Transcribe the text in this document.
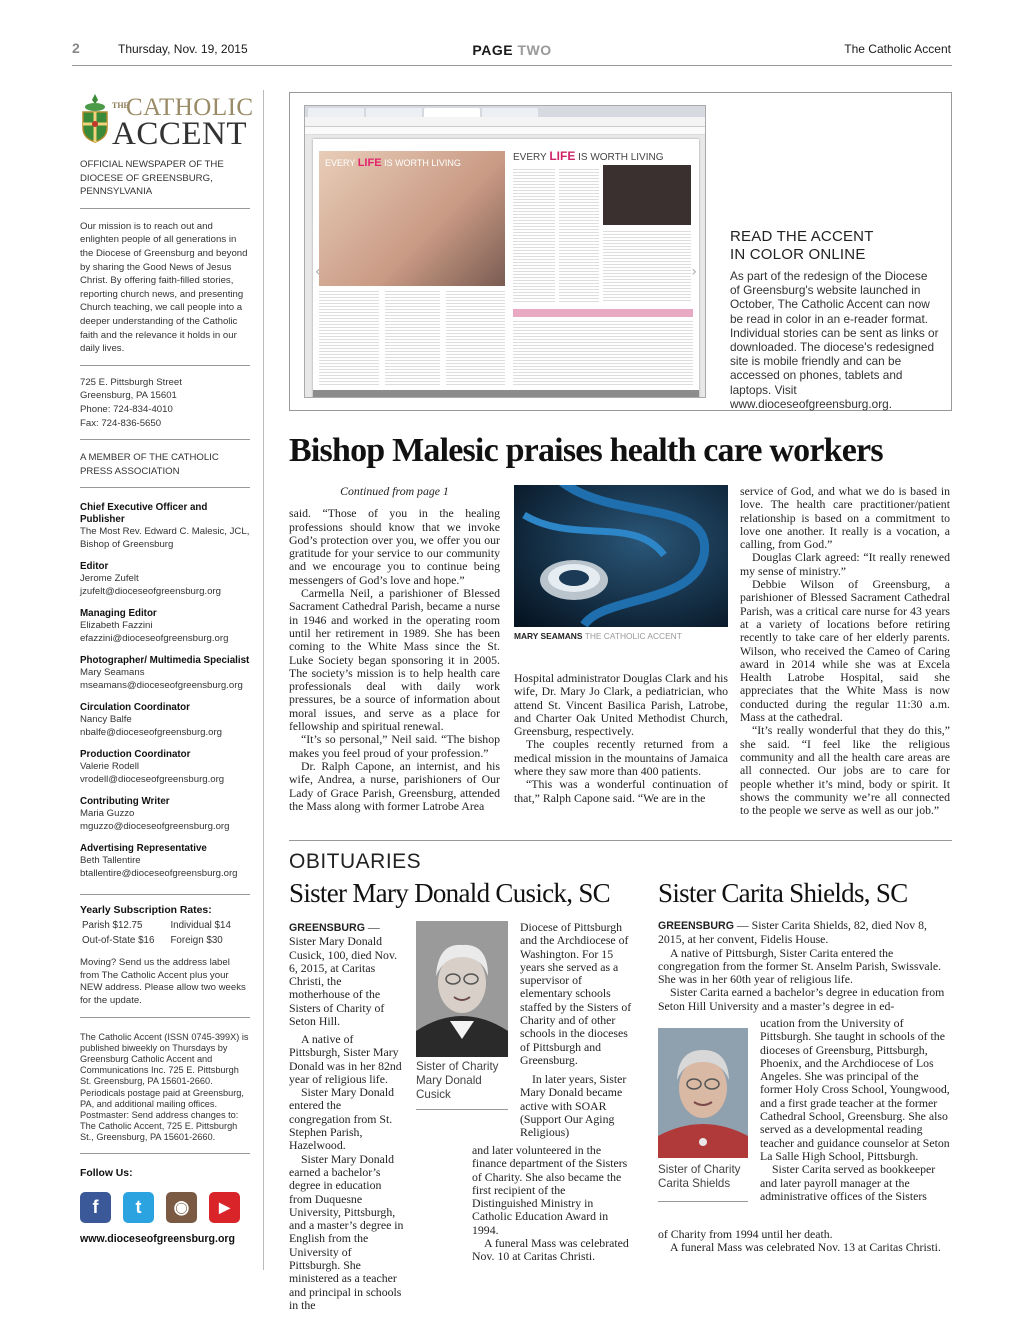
2	Thursday, Nov. 19, 2015	PAGE TWO	The Catholic Accent
THE
CATHOLIC
ACCENT
OFFICIAL NEWSPAPER OF THE DIOCESE OF GREENSBURG, PENNSYLVANIA
Our mission is to reach out and enlighten people of all generations in the Diocese of Greensburg and beyond by sharing the Good News of Jesus Christ. By offering faith-filled stories, reporting church news, and presenting Church teaching, we call people into a deeper understanding of the Catholic faith and the relevance it holds in our daily lives.
725 E. Pittsburgh Street
Greensburg, PA 15601
Phone: 724-834-4010
Fax: 724-836-5650
A MEMBER OF THE CATHOLIC PRESS ASSOCIATION
Chief Executive Officer and Publisher
The Most Rev. Edward C. Malesic, JCL,
Bishop of Greensburg
Editor
Jerome Zufelt
jzufelt@dioceseofgreensburg.org
Managing Editor
Elizabeth Fazzini
efazzini@dioceseofgreensburg.org
Photographer/ Multimedia Specialist
Mary Seamans
mseamans@dioceseofgreensburg.org
Circulation Coordinator
Nancy Balfe
nbalfe@dioceseofgreensburg.org
Production Coordinator
Valerie Rodell
vrodell@dioceseofgreensburg.org
Contributing Writer
Maria Guzzo
mguzzo@dioceseofgreensburg.org
Advertising Representative
Beth Tallentire
btallentire@dioceseofgreensburg.org
Yearly Subscription Rates:
Parish $12.75	Individual $14
Out-of-State $16	Foreign $30
Moving? Send us the address label from The Catholic Accent plus your NEW address. Please allow two weeks for the update.
The Catholic Accent (ISSN 0745-399X) is published biweekly on Thursdays by Greensburg Catholic Accent and Communications Inc. 725 E. Pittsburgh St. Greensburg, PA 15601-2660. Periodicals postage paid at Greensburg, PA, and additional mailing offices. Postmaster: Send address changes to: The Catholic Accent, 725 E. Pittsburgh St., Greensburg, PA 15601-2660.
Follow Us:
f	t	◉	▶
www.dioceseofgreensburg.org
EVERY LIFE IS WORTH LIVING	EVERY LIFE IS WORTH LIVING
‹	›
READ THE ACCENT
IN COLOR ONLINE
As part of the redesign of the Diocese of Greensburg's website launched in October, The Catholic Accent can now be read in color in an e-reader format. Individual stories can be sent as links or downloaded. The diocese's redesigned site is mobile friendly and can be accessed on phones, tablets and laptops. Visit www.dioceseofgreensburg.org.
Bishop Malesic praises health care workers
Continued from page 1

said. “Those of you in the healing professions should know that we invoke God’s protection over you, we offer you our gratitude for your service to our community and we encourage you to continue being messengers of God’s love and hope.”

Carmella Neil, a parishioner of Blessed Sacrament Cathedral Parish, became a nurse in 1946 and worked in the operating room until her retirement in 1989. She has been coming to the White Mass since the St. Luke Society began sponsoring it in 2005. The society’s mission is to help health care professionals deal with daily work pressures, be a source of information about moral issues, and serve as a place for fellowship and spiritual renewal.

“It’s so personal,” Neil said. “The bishop makes you feel proud of your profession.”

Dr. Ralph Capone, an internist, and his wife, Andrea, a nurse, parishioners of Our Lady of Grace Parish, Greensburg, attended the Mass along with former Latrobe Area

MARY SEAMANS THE CATHOLIC ACCENT

Hospital administrator Douglas Clark and his wife, Dr. Mary Jo Clark, a pediatrician, who attend St. Vincent Basilica Parish, Latrobe, and Charter Oak United Methodist Church, Greensburg, respectively.

The couples recently returned from a medical mission in the mountains of Jamaica where they saw more than 400 patients.

“This was a wonderful continuation of that,” Ralph Capone said. “We are in the

service of God, and what we do is based in love. The health care practitioner/patient relationship is based on a commitment to love one another. It really is a vocation, a calling, from God.”

Douglas Clark agreed: “It really renewed my sense of ministry.”

Debbie Wilson of Greensburg, a parishioner of Blessed Sacrament Cathedral Parish, was a critical care nurse for 43 years at a variety of locations before retiring recently to take care of her elderly parents. Wilson, who received the Cameo of Caring award in 2014 while she was at Excela Health Latrobe Hospital, said she appreciates that the White Mass is now conducted during the regular 11:30 a.m. Mass at the cathedral.

“It’s really wonderful that they do this,” she said. “I feel like the religious community and all the health care areas are all connected. Our jobs are to care for people whether it’s mind, body or spirit. It shows the community we’re all connected to the people we serve as well as our job.”

OBITUARIES
Sister Mary Donald Cusick, SC Sister Carita Shields, SC

GREENSBURG — Sister Mary Donald Cusick, 100, died Nov. 6, 2015, at Caritas Christi, the motherhouse of the Sisters of Charity of Seton Hill.

Sister of Charity Mary Donald Cusick
Diocese of Pittsburgh and the Archdiocese of Washington. For 15 years she served as a supervisor of elementary schools staffed by the Sisters of Charity and of other schools in the dioceses of Pittsburgh and Greensburg.

In later years, Sister Mary Donald became active with SOAR (Support Our Aging Religious)

A native of Pittsburgh, Sister Mary Donald was in her 82nd year of religious life.

Sister Mary Donald entered the congregation from St. Stephen Parish, Hazelwood.

Sister Mary Donald earned a bachelor’s degree in education from Duquesne University, Pittsburgh, and a master’s degree in English from the University of Pittsburgh. She ministered as a teacher and principal in schools in the

and later volunteered in the finance department of the Sisters of Charity. She also became the first recipient of the Distinguished Ministry in Catholic Education Award in 1994.

A funeral Mass was celebrated Nov. 10 at Caritas Christi.

GREENSBURG — Sister Carita Shields, 82, died Nov 8, 2015, at her convent, Fidelis House.

A native of Pittsburgh, Sister Carita entered the congregation from the former St. Anselm Parish, Swissvale. She was in her 60th year of religious life.

Sister Carita earned a bachelor’s degree in education from Seton Hill University and a master’s degree in ed-

Sister of Charity Carita Shields

ucation from the University of Pittsburgh. She taught in schools of the dioceses of Greensburg, Pittsburgh, Phoenix, and the Archdiocese of Los Angeles. She was principal of the former Holy Cross School, Youngwood, and a first grade teacher at the former Cathedral School, Greensburg. She also served as a developmental reading teacher and guidance counselor at Seton La Salle High School, Pittsburgh.

Sister Carita served as bookkeeper and later payroll manager at the administrative offices of the Sisters

of Charity from 1994 until her death.

A funeral Mass was celebrated Nov. 13 at Caritas Christi.
